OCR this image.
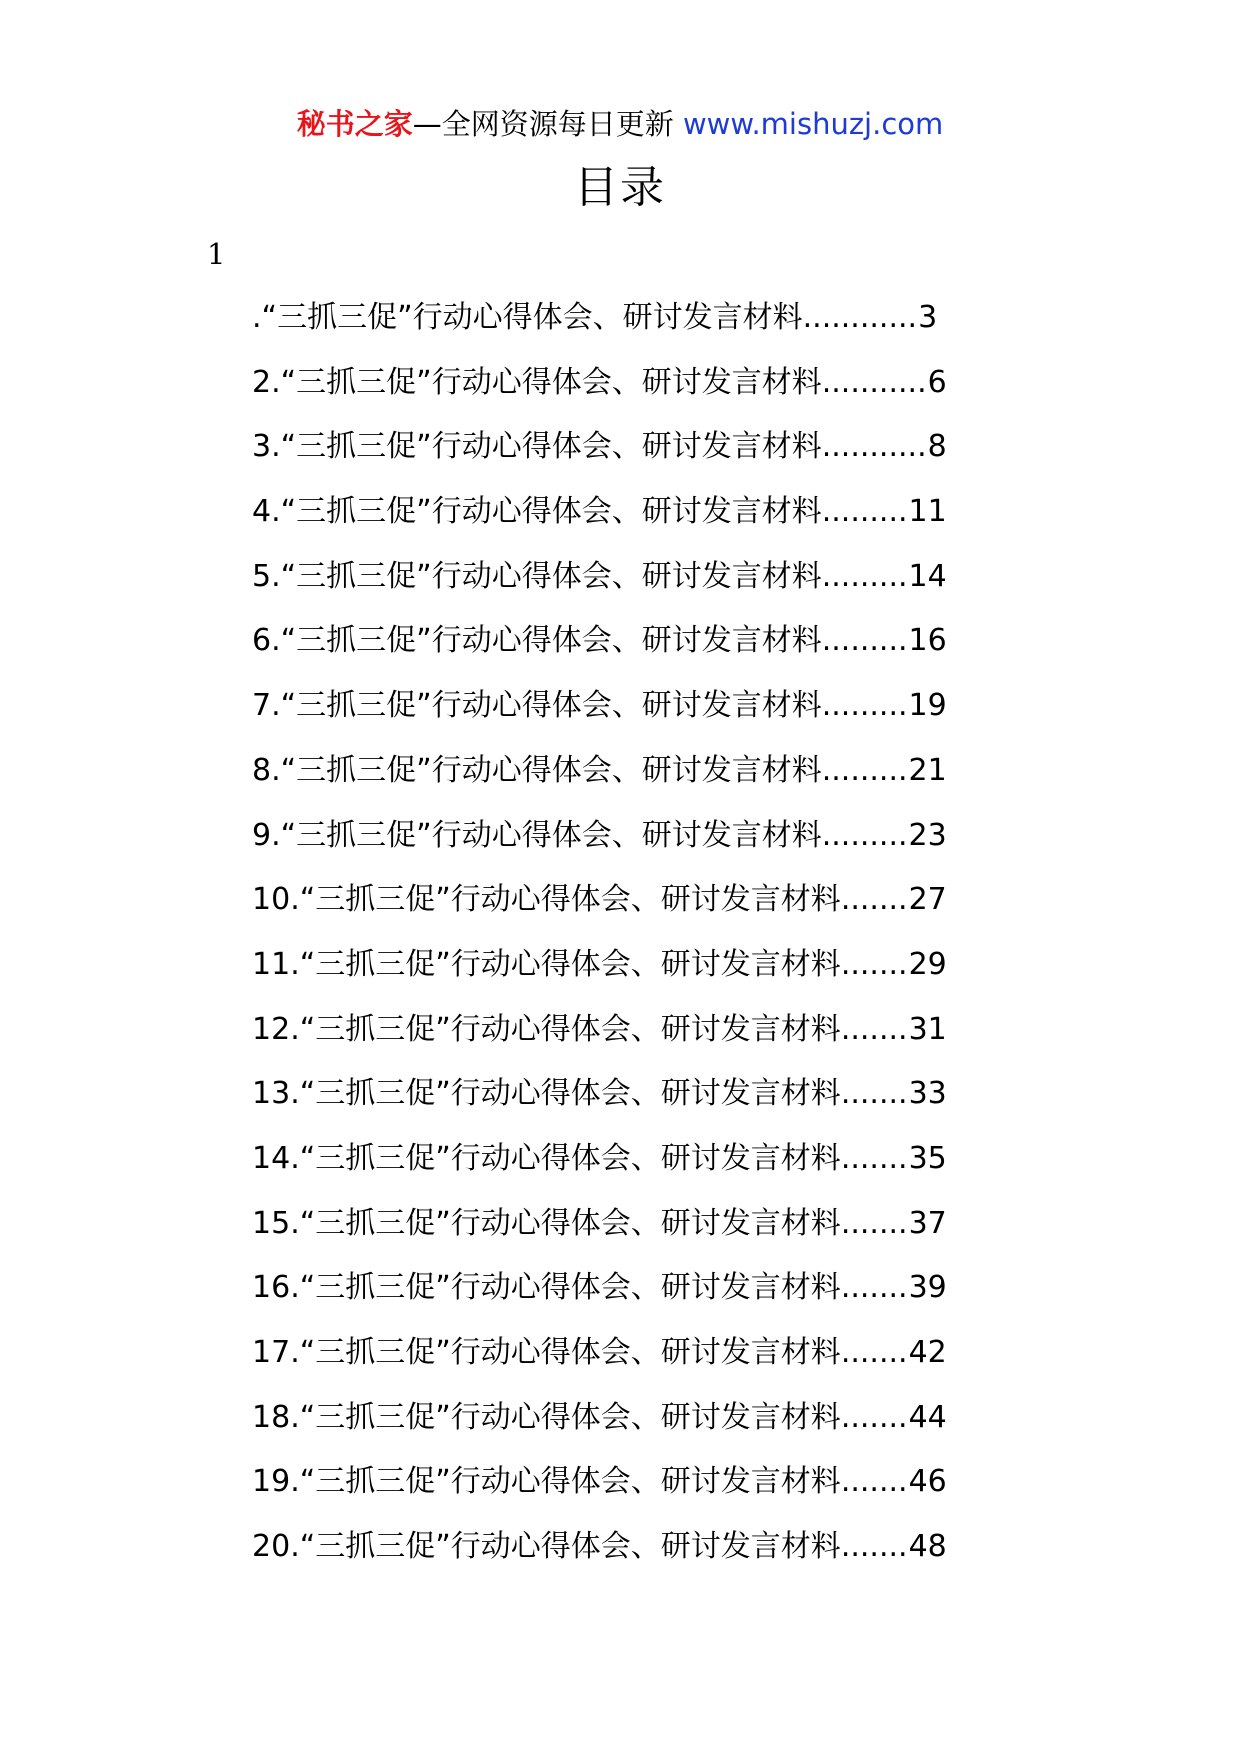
秘书之家—全网资源每日更新 www.mishuzj.com
目录
1
.“三抓三促”行动心得体会、研讨发言材料 ............ 3
2 .“三抓三促”行动心得体会、研讨发言材料 ........... 6
3 .“三抓三促”行动心得体会、研讨发言材料 ........... 8
4 .“三抓三促”行动心得体会、研讨发言材料 ......... 11
5 .“三抓三促”行动心得体会、研讨发言材料 ......... 14
6 .“三抓三促”行动心得体会、研讨发言材料 ......... 16
7 .“三抓三促”行动心得体会、研讨发言材料 ......... 19
8 .“三抓三促”行动心得体会、研讨发言材料 ......... 21
9 .“三抓三促”行动心得体会、研讨发言材料 ......... 23
10 .“三抓三促”行动心得体会、研讨发言材料 ....... 27
11 .“三抓三促”行动心得体会、研讨发言材料 ....... 29
12 .“三抓三促”行动心得体会、研讨发言材料 ....... 31
13 .“三抓三促”行动心得体会、研讨发言材料 ....... 33
14 .“三抓三促”行动心得体会、研讨发言材料 ....... 35
15 .“三抓三促”行动心得体会、研讨发言材料 ....... 37
16 .“三抓三促”行动心得体会、研讨发言材料 ....... 39
17 .“三抓三促”行动心得体会、研讨发言材料 ....... 42
18 .“三抓三促”行动心得体会、研讨发言材料 ....... 44
19 .“三抓三促”行动心得体会、研讨发言材料 ....... 46
20 .“三抓三促”行动心得体会、研讨发言材料 ....... 48
